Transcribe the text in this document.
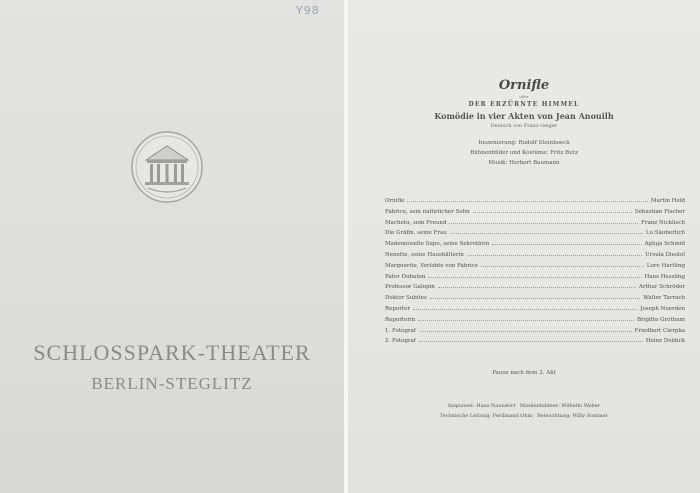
Y98
SCHLOSSPARK-THEATER
BERLIN-STEGLITZ
Ornifle
oder
DER ERZÜRNTE HIMMEL
Komödie in vier Akten von Jean Anouilh
Deutsch von Franz Geiger
Inszenierung: Rudolf Steinboeck
Bühnenbilder und Kostüme: Fritz Butz
Musik: Herbert Baumann
Ornifle	Martin Held
Fabrice, sein natürlicher Sohn	Sebastian Fischer
Machetu, sein Freund	Franz Nicklisch
Die Gräfin, seine Frau	Lu Säuberlich
Mademoiselle Supo, seine Sekretärin	Agluja Schmid
Nenette, seine Haushälterin	Ursula Diestel
Marguerite, Verlobte von Fabrice	Lore Hartling
Pater Dubaton	Hans Hessling
Professor Galopin	Arthur Schröder
Doktor Subites	Walter Tarrach
Reporter	Joseph Noerden
Reporterin	Brigitte Grothum
1. Fotograf	Friedbert Cierpka
2. Fotograf	Heinz Doldick
Pause nach dem 2. Akt
Inspizient: Hans Naundorf · Maskenbildner: Wilhelm Weber
Technische Leitung: Ferdinand Ohm · Beleuchtung: Willy Sommer
